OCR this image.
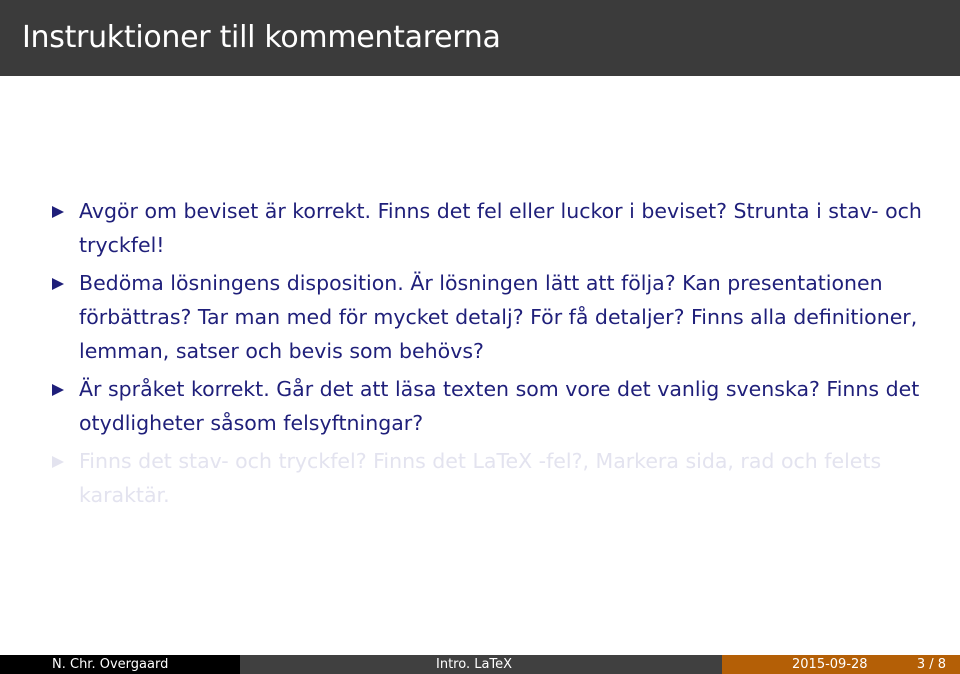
Instruktioner till kommentarerna
Avgör om beviset är korrekt. Finns det fel eller luckor i beviset? Strunta i stav- och tryckfel!
Bedöma lösningens disposition. Är lösningen lätt att följa? Kan presentationen förbättras? Tar man med för mycket detalj? För få detaljer? Finns alla definitioner, lemman, satser och bevis som behövs?
Är språket korrekt. Går det att läsa texten som vore det vanlig svenska? Finns det otydligheter såsom felsyftningar?
Finns det stav- och tryckfel? Finns det LaTeX -fel?, Markera sida, rad och felets karaktär.
N. Chr. Overgaard	Intro. LaTeX	2015-09-28	3 / 8
